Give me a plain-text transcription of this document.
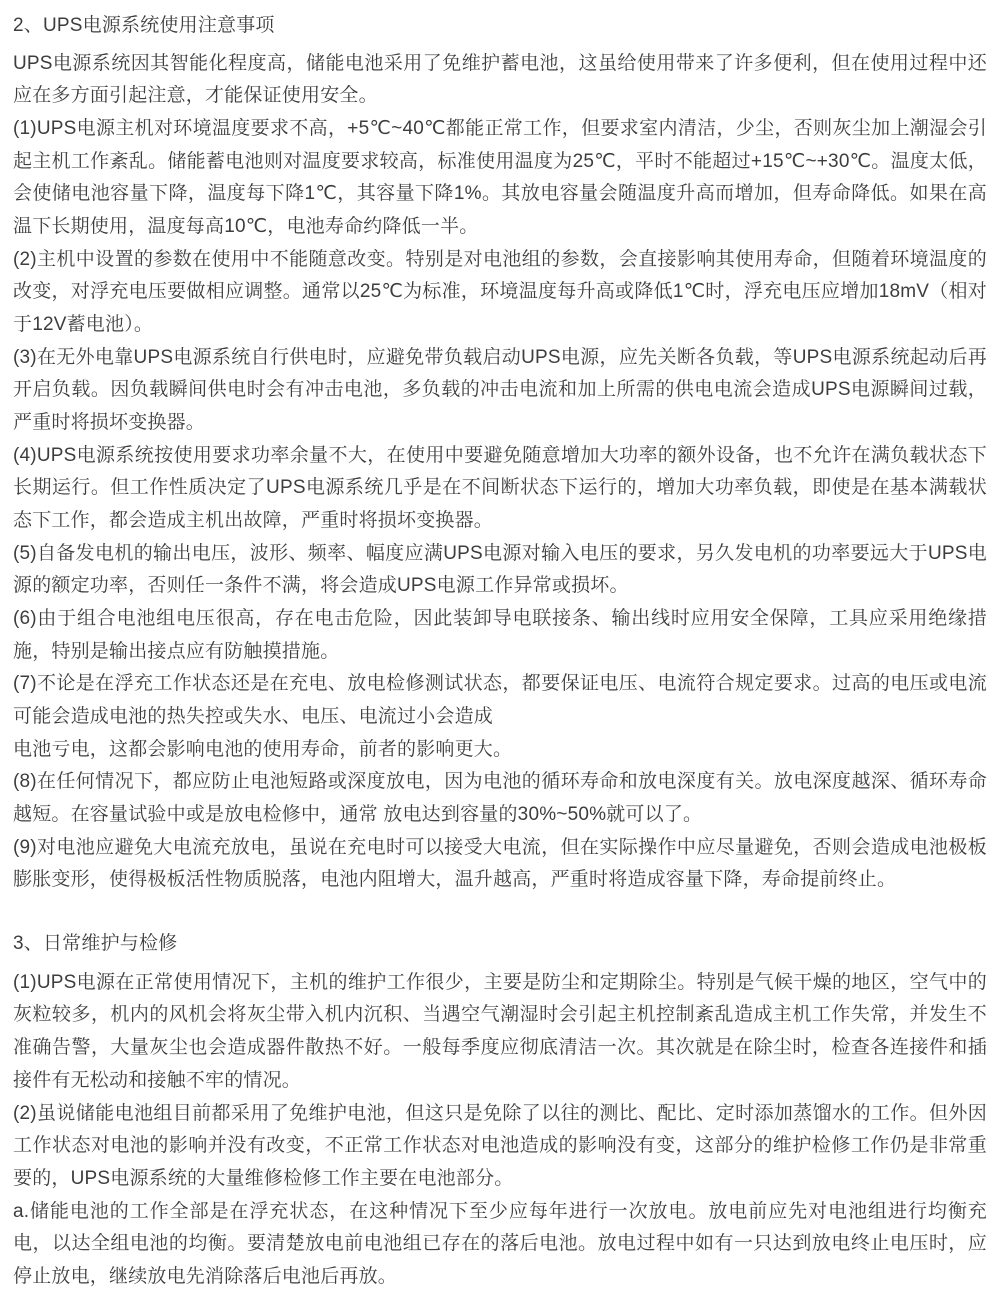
2、UPS电源系统使用注意事项

UPS电源系统因其智能化程度高，储能电池采用了免维护蓄电池，这虽给使用带来了许多便利，但在使用过程中还应在多方面引起注意，才能保证使用安全。

(1)UPS电源主机对环境温度要求不高，+5℃~40℃都能正常工作，但要求室内清洁，少尘，否则灰尘加上潮湿会引起主机工作紊乱。储能蓄电池则对温度要求较高，标准使用温度为25℃，平时不能超过+15℃~+30℃。温度太低，会使储电池容量下降，温度每下降1℃，其容量下降1%。其放电容量会随温度升高而增加，但寿命降低。如果在高温下长期使用，温度每高10℃，电池寿命约降低一半。

(2)主机中设置的参数在使用中不能随意改变。特别是对电池组的参数，会直接影响其使用寿命，但随着环境温度的改变，对浮充电压要做相应调整。通常以25℃为标准，环境温度每升高或降低1℃时，浮充电压应增加18mV（相对于12V蓄电池）。

(3)在无外电靠UPS电源系统自行供电时，应避免带负载启动UPS电源，应先关断各负载，等UPS电源系统起动后再开启负载。因负载瞬间供电时会有冲击电池，多负载的冲击电流和加上所需的供电电流会造成UPS电源瞬间过载，严重时将损坏变换器。

(4)UPS电源系统按使用要求功率余量不大，在使用中要避免随意增加大功率的额外设备，也不允许在满负载状态下长期运行。但工作性质决定了UPS电源系统几乎是在不间断状态下运行的，增加大功率负载，即使是在基本满载状态下工作，都会造成主机出故障，严重时将损坏变换器。

(5)自备发电机的输出电压，波形、频率、幅度应满UPS电源对输入电压的要求，另久发电机的功率要远大于UPS电源的额定功率，否则任一条件不满，将会造成UPS电源工作异常或损坏。

(6)由于组合电池组电压很高，存在电击危险，因此装卸导电联接条、输出线时应用安全保障，工具应采用绝缘措施，特别是输出接点应有防触摸措施。

(7)不论是在浮充工作状态还是在充电、放电检修测试状态，都要保证电压、电流符合规定要求。过高的电压或电流可能会造成电池的热失控或失水、电压、电流过小会造成

电池亏电，这都会影响电池的使用寿命，前者的影响更大。

(8)在任何情况下，都应防止电池短路或深度放电，因为电池的循环寿命和放电深度有关。放电深度越深、循环寿命越短。在容量试验中或是放电检修中，通常 放电达到容量的30%~50%就可以了。

(9)对电池应避免大电流充放电，虽说在充电时可以接受大电流，但在实际操作中应尽量避免，否则会造成电池极板膨胀变形，使得极板活性物质脱落，电池内阻增大，温升越高，严重时将造成容量下降，寿命提前终止。

3、日常维护与检修

(1)UPS电源在正常使用情况下，主机的维护工作很少，主要是防尘和定期除尘。特别是气候干燥的地区，空气中的灰粒较多，机内的风机会将灰尘带入机内沉积、当遇空气潮湿时会引起主机控制紊乱造成主机工作失常，并发生不准确告警，大量灰尘也会造成器件散热不好。一般每季度应彻底清洁一次。其次就是在除尘时，检查各连接件和插接件有无松动和接触不牢的情况。

(2)虽说储能电池组目前都采用了免维护电池，但这只是免除了以往的测比、配比、定时添加蒸馏水的工作。但外因工作状态对电池的影响并没有改变，不正常工作状态对电池造成的影响没有变，这部分的维护检修工作仍是非常重要的，UPS电源系统的大量维修检修工作主要在电池部分。

a.储能电池的工作全部是在浮充状态，在这种情况下至少应每年进行一次放电。放电前应先对电池组进行均衡充电，以达全组电池的均衡。要清楚放电前电池组已存在的落后电池。放电过程中如有一只达到放电终止电压时，应停止放电，继续放电先消除落后电池后再放。
